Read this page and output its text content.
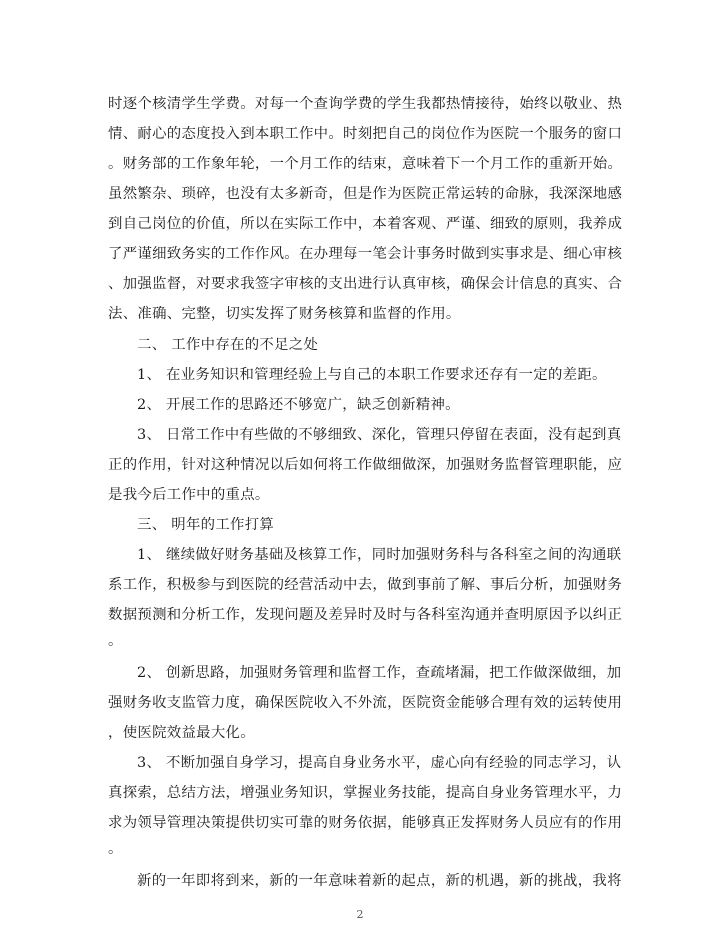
时逐个核清学生学费。对每一个查询学费的学生我都热情接待，始终以敬业、热
情、耐心的态度投入到本职工作中。时刻把自己的岗位作为医院一个服务的窗口
。财务部的工作象年轮，一个月工作的结束，意味着下一个月工作的重新开始。
虽然繁杂、琐碎，也没有太多新奇，但是作为医院正常运转的命脉，我深深地感
到自己岗位的价值，所以在实际工作中，本着客观、严谨、细致的原则，我养成
了严谨细致务实的工作作风。在办理每一笔会计事务时做到实事求是、细心审核
、加强监督，对要求我签字审核的支出进行认真审核，确保会计信息的真实、合
法、准确、完整，切实发挥了财务核算和监督的作用。
二、 工作中存在的不足之处
1、 在业务知识和管理经验上与自己的本职工作要求还存有一定的差距。
2、 开展工作的思路还不够宽广，缺乏创新精神。
3、 日常工作中有些做的不够细致、深化，管理只停留在表面，没有起到真
正的作用，针对这种情况以后如何将工作做细做深，加强财务监督管理职能，应
是我今后工作中的重点。
三、 明年的工作打算
1、 继续做好财务基础及核算工作，同时加强财务科与各科室之间的沟通联
系工作，积极参与到医院的经营活动中去，做到事前了解、事后分析，加强财务
数据预测和分析工作，发现问题及差异时及时与各科室沟通并查明原因予以纠正
。
2、 创新思路，加强财务管理和监督工作，查疏堵漏，把工作做深做细，加
强财务收支监管力度，确保医院收入不外流，医院资金能够合理有效的运转使用
，使医院效益最大化。
3、 不断加强自身学习，提高自身业务水平，虚心向有经验的同志学习，认
真探索，总结方法，增强业务知识，掌握业务技能，提高自身业务管理水平，力
求为领导管理决策提供切实可靠的财务依据，能够真正发挥财务人员应有的作用
。
新的一年即将到来，新的一年意味着新的起点，新的机遇，新的挑战，我将
2
